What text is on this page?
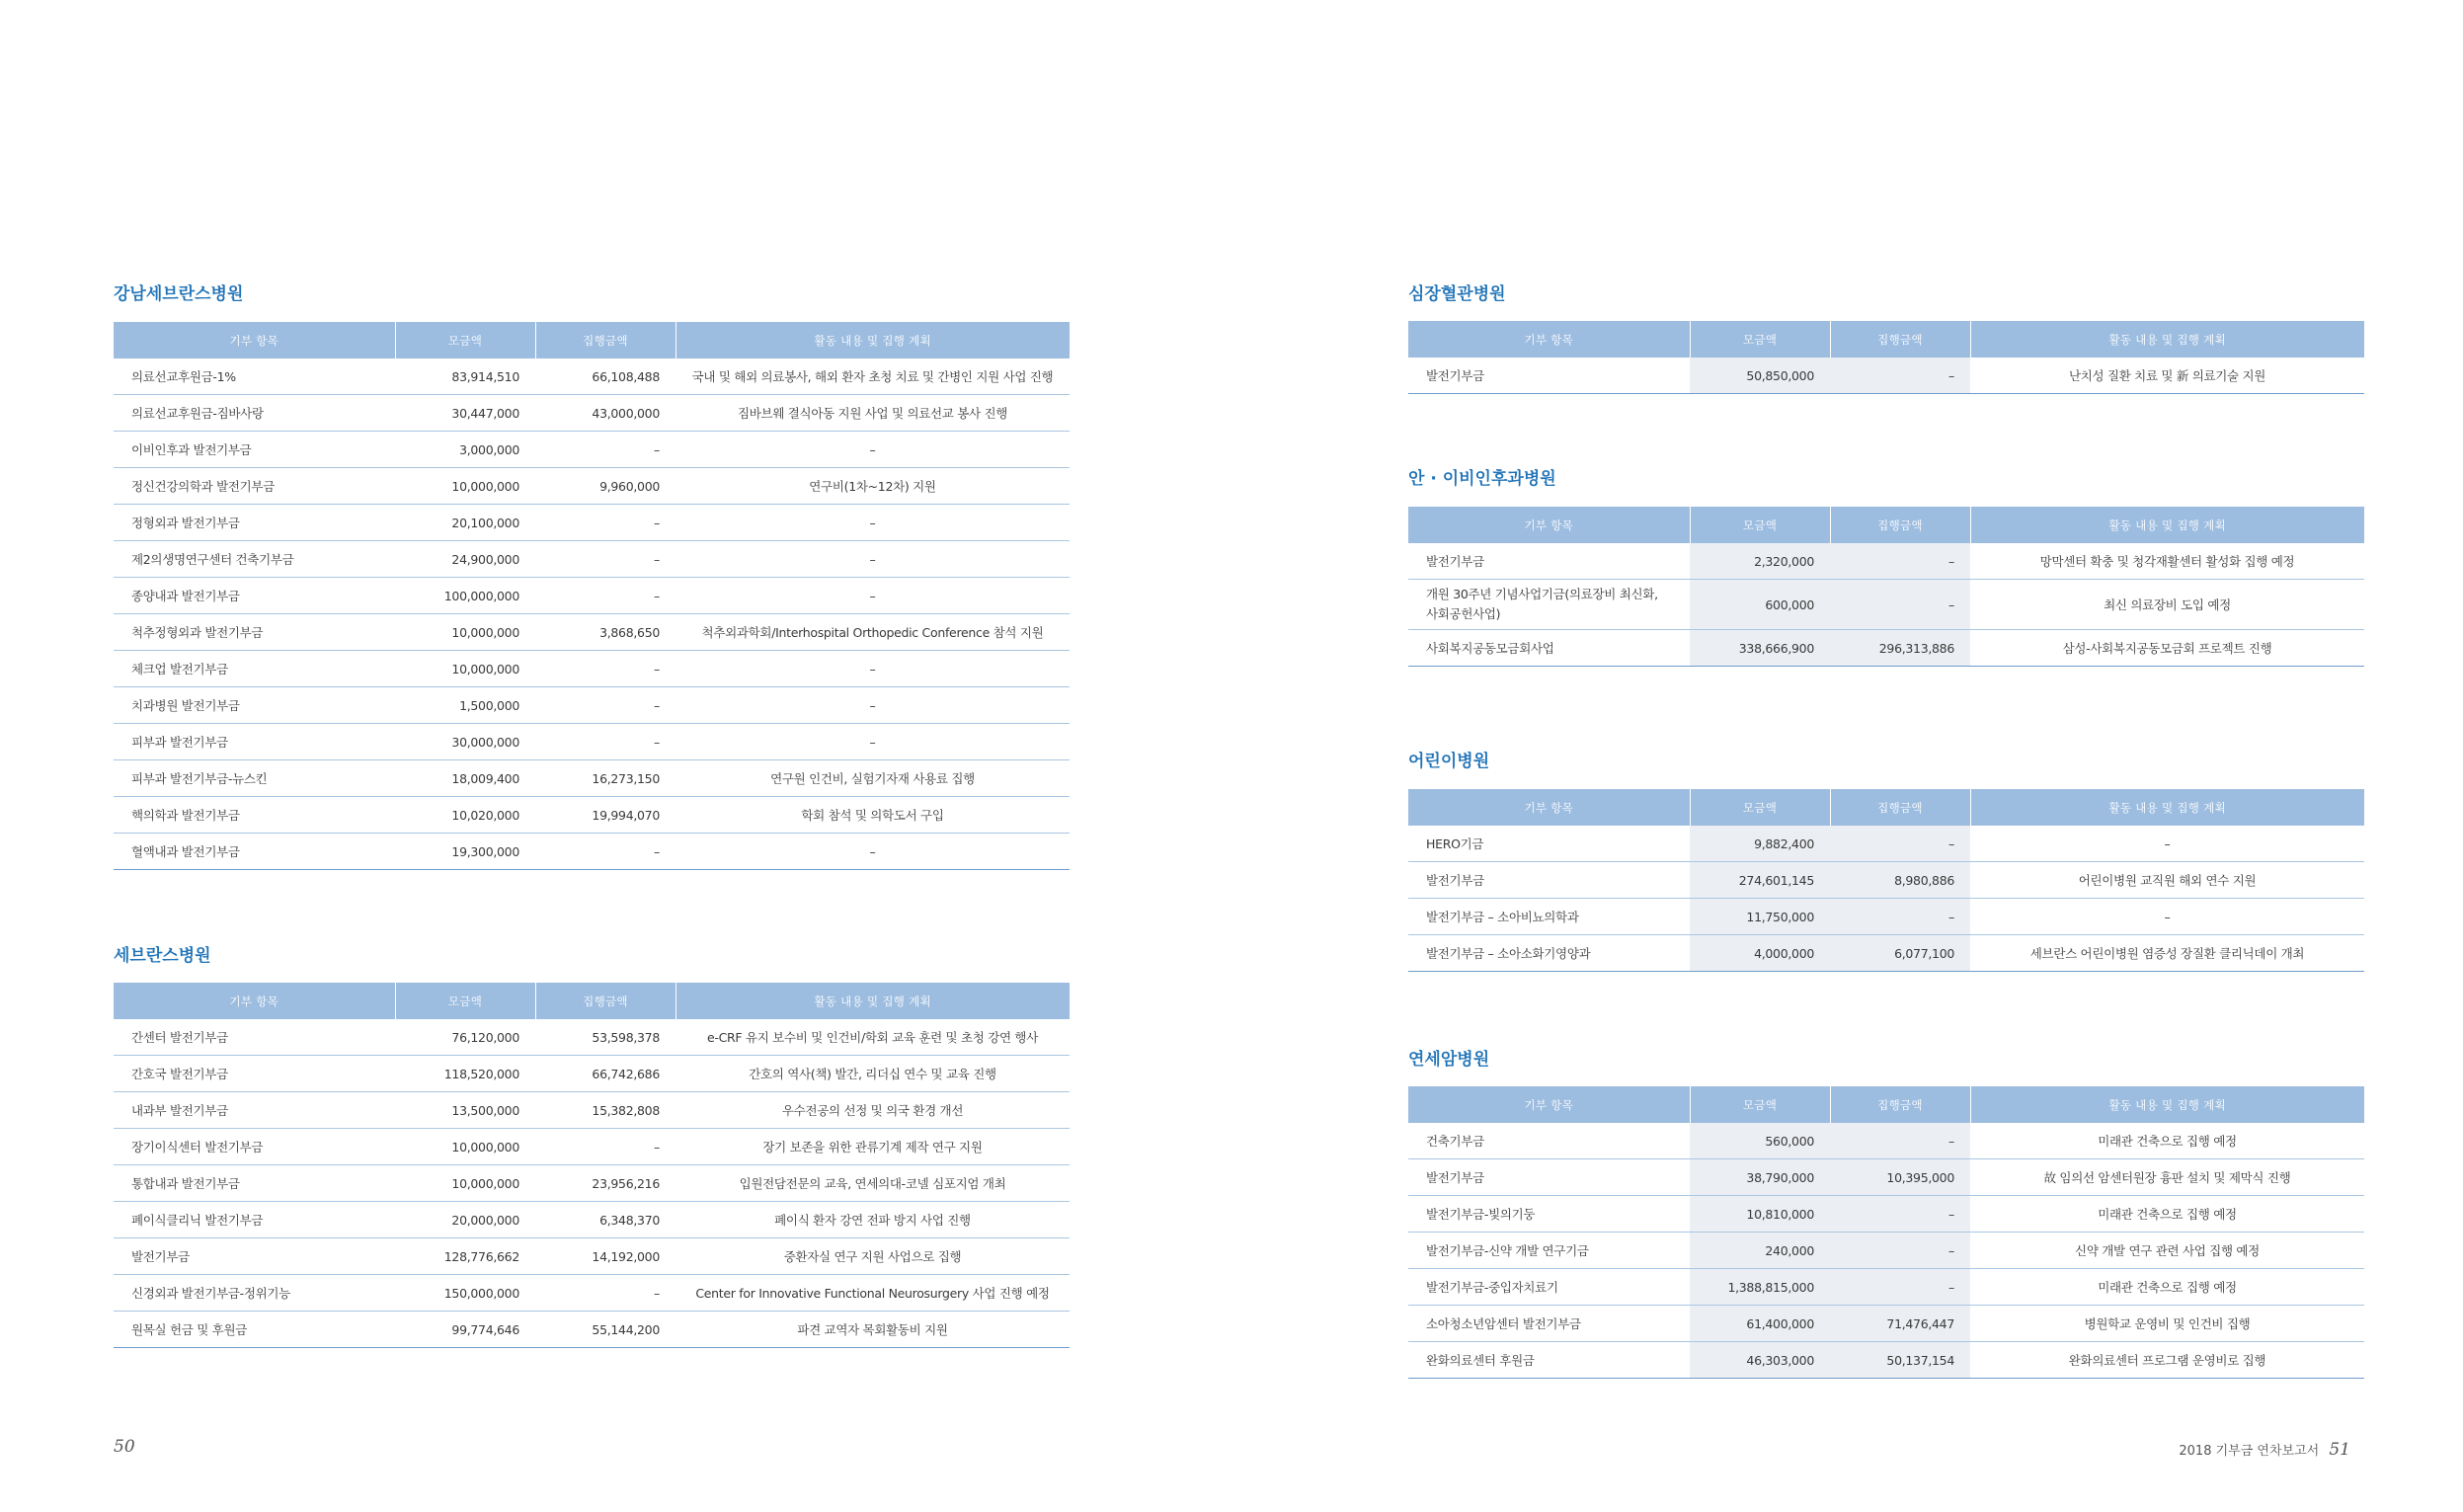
강남세브란스병원
기부 항목	모금액	집행금액	활동 내용 및 집행 계획
의료선교후원금-1%	83,914,510	66,108,488	국내 및 해외 의료봉사, 해외 환자 초청 치료 및 간병인 지원 사업 진행
의료선교후원금-짐바사랑	30,447,000	43,000,000	짐바브웨 결식아동 지원 사업 및 의료선교 봉사 진행
이비인후과 발전기부금	3,000,000	–	–
정신건강의학과 발전기부금	10,000,000	9,960,000	연구비(1차~12차) 지원
정형외과 발전기부금	20,100,000	–	–
제2의생명연구센터 건축기부금	24,900,000	–	–
종양내과 발전기부금	100,000,000	–	–
척추정형외과 발전기부금	10,000,000	3,868,650	척추외과학회/Interhospital Orthopedic Conference 참석 지원
체크업 발전기부금	10,000,000	–	–
치과병원 발전기부금	1,500,000	–	–
피부과 발전기부금	30,000,000	–	–
피부과 발전기부금-뉴스킨	18,009,400	16,273,150	연구원 인건비, 실험기자재 사용료 집행
핵의학과 발전기부금	10,020,000	19,994,070	학회 참석 및 의학도서 구입
혈액내과 발전기부금	19,300,000	–	–
세브란스병원
기부 항목	모금액	집행금액	활동 내용 및 집행 계획
간센터 발전기부금	76,120,000	53,598,378	e-CRF 유지 보수비 및 인건비/학회 교육 훈련 및 초청 강연 행사
간호국 발전기부금	118,520,000	66,742,686	간호의 역사(책) 발간, 리더십 연수 및 교육 진행
내과부 발전기부금	13,500,000	15,382,808	우수전공의 선정 및 의국 환경 개선
장기이식센터 발전기부금	10,000,000	–	장기 보존을 위한 관류기계 제작 연구 지원
통합내과 발전기부금	10,000,000	23,956,216	입원전담전문의 교육, 연세의대-코넬 심포지엄 개최
폐이식클리닉 발전기부금	20,000,000	6,348,370	폐이식 환자 강연 전파 방지 사업 진행
발전기부금	128,776,662	14,192,000	중환자실 연구 지원 사업으로 집행
신경외과 발전기부금-정위기능	150,000,000	–	Center for Innovative Functional Neurosurgery 사업 진행 예정
원목실 헌금 및 후원금	99,774,646	55,144,200	파견 교역자 목회활동비 지원
심장혈관병원
기부 항목	모금액	집행금액	활동 내용 및 집행 계획
발전기부금	50,850,000	–	난치성 질환 치료 및 新 의료기술 지원
안 · 이비인후과병원
기부 항목	모금액	집행금액	활동 내용 및 집행 계획
발전기부금	2,320,000	–	망막센터 확충 및 청각재활센터 활성화 집행 예정
개원 30주년 기념사업기금(의료장비 최신화, 사회공헌사업)	600,000	–	최신 의료장비 도입 예정
사회복지공동모금회사업	338,666,900	296,313,886	삼성-사회복지공동모금회 프로젝트 진행
어린이병원
기부 항목	모금액	집행금액	활동 내용 및 집행 계획
HERO기금	9,882,400	–	–
발전기부금	274,601,145	8,980,886	어린이병원 교직원 해외 연수 지원
발전기부금 – 소아비뇨의학과	11,750,000	–	–
발전기부금 – 소아소화기영양과	4,000,000	6,077,100	세브란스 어린이병원 염증성 장질환 클리닉데이 개최
연세암병원
기부 항목	모금액	집행금액	활동 내용 및 집행 계획
건축기부금	560,000	–	미래관 건축으로 집행 예정
발전기부금	38,790,000	10,395,000	故 임의선 암센터원장 흉판 설치 및 제막식 진행
발전기부금-빛의기둥	10,810,000	–	미래관 건축으로 집행 예정
발전기부금-신약 개발 연구기금	240,000	–	신약 개발 연구 관련 사업 집행 예정
발전기부금-중입자치료기	1,388,815,000	–	미래관 건축으로 집행 예정
소아청소년암센터 발전기부금	61,400,000	71,476,447	병원학교 운영비 및 인건비 집행
완화의료센터 후원금	46,303,000	50,137,154	완화의료센터 프로그램 운영비로 집행
50	2018 기부금 연차보고서 51
